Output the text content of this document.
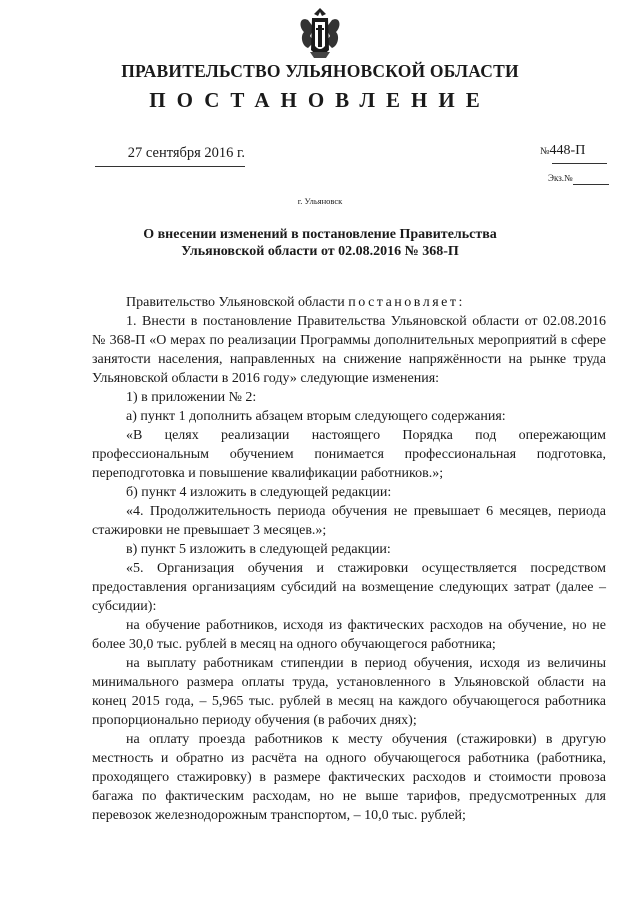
ПРАВИТЕЛЬСТВО УЛЬЯНОВСКОЙ ОБЛАСТИ
ПОСТАНОВЛЕНИЕ
27 сентября 2016 г.	№448-П
Экз.№
г. Ульяновск
О внесении изменений в постановление Правительства
Ульяновской области от 02.08.2016 № 368-П

Правительство Ульяновской области постановляет:

1. Внести в постановление Правительства Ульяновской области от 02.08.2016 № 368-П «О мерах по реализации Программы дополнительных мероприятий в сфере занятости населения, направленных на снижение напряжённости на рынке труда Ульяновской области в 2016 году» следующие изменения:

1) в приложении № 2:

а) пункт 1 дополнить абзацем вторым следующего содержания:

«В целях реализации настоящего Порядка под опережающим профессиональным обучением понимается профессиональная подготовка, переподготовка и повышение квалификации работников.»;

б) пункт 4 изложить в следующей редакции:

«4. Продолжительность периода обучения не превышает 6 месяцев, периода стажировки не превышает 3 месяцев.»;

в) пункт 5 изложить в следующей редакции:

«5. Организация обучения и стажировки осуществляется посредством предоставления организациям субсидий на возмещение следующих затрат (далее – субсидии):

на обучение работников, исходя из фактических расходов на обучение, но не более 30,0 тыс. рублей в месяц на одного обучающегося работника;

на выплату работникам стипендии в период обучения, исходя из величины минимального размера оплаты труда, установленного в Ульяновской области на конец 2015 года, – 5,965 тыс. рублей в месяц на каждого обучающегося работника пропорционально периоду обучения (в рабочих днях);

на оплату проезда работников к месту обучения (стажировки) в другую местность и обратно из расчёта на одного обучающегося работника (работника, проходящего стажировку) в размере фактических расходов и стоимости провоза багажа по фактическим расходам, но не выше тарифов, предусмотренных для перевозок железнодорожным транспортом, – 10,0 тыс. рублей;
